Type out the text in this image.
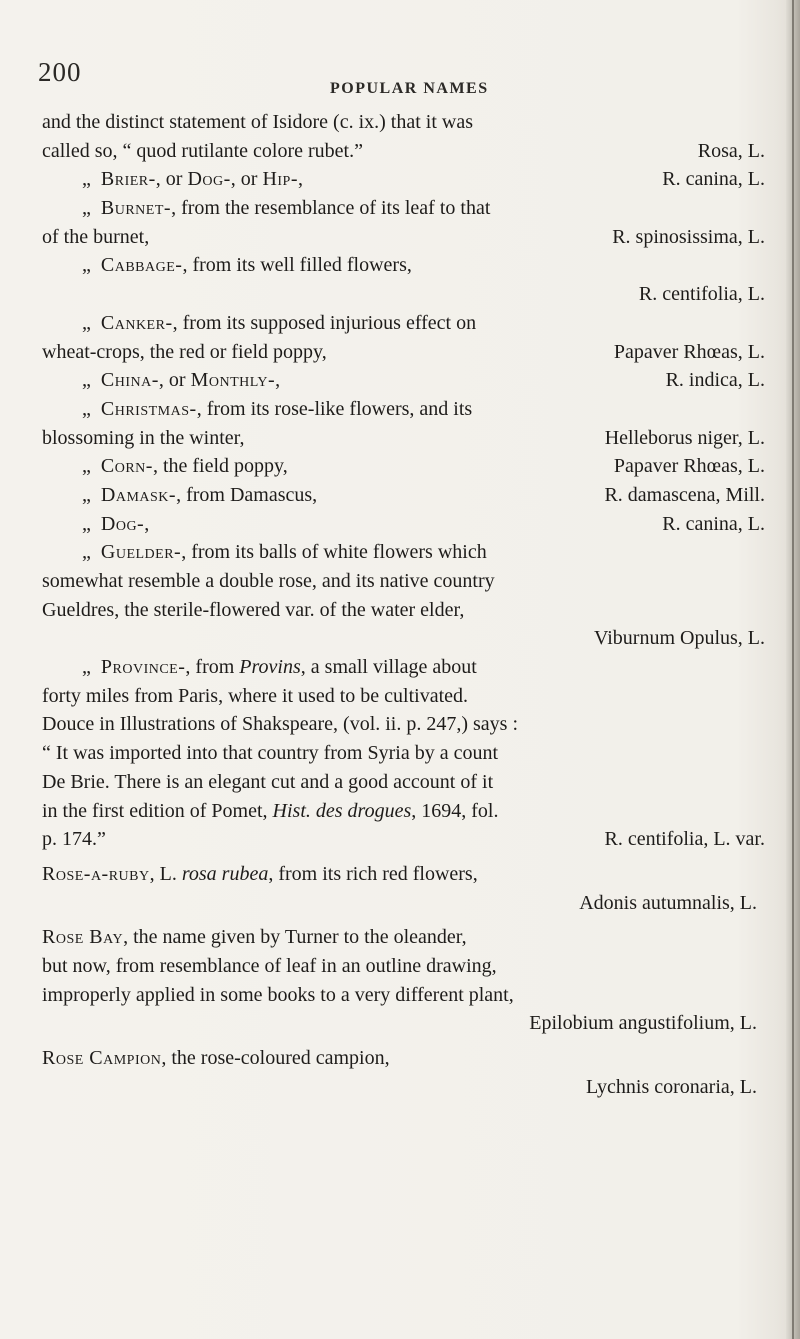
200
POPULAR NAMES
and the distinct statement of Isidore (c. ix.) that it was
called so, “ quod rutilante colore rubet.”	Rosa, L.
„ Brier-, or Dog-, or Hip-,	R. canina, L.
„ Burnet-, from the resemblance of its leaf to that
of the burnet,	R. spinosissima, L.
„ Cabbage-, from its well filled flowers,
R. centifolia, L.
„ Canker-, from its supposed injurious effect on
wheat-crops, the red or field poppy,	Papaver Rhœas, L.
„ China-, or Monthly-,	R. indica, L.
„ Christmas-, from its rose-like flowers, and its
blossoming in the winter,	Helleborus niger, L.
„ Corn-, the field poppy,	Papaver Rhœas, L.
„ Damask-, from Damascus,	R. damascena, Mill.
„ Dog-,	R. canina, L.
„ Guelder-, from its balls of white flowers which
somewhat resemble a double rose, and its native country
Gueldres, the sterile-flowered var. of the water elder,
Viburnum Opulus, L.
„ Province-, from Provins, a small village about
forty miles from Paris, where it used to be cultivated.
Douce in Illustrations of Shakspeare, (vol. ii. p. 247,) says :
“ It was imported into that country from Syria by a count
De Brie. There is an elegant cut and a good account of it
in the first edition of Pomet, Hist. des drogues, 1694, fol.
p. 174.”	R. centifolia, L. var.
Rose-a-ruby, L. rosa rubea, from its rich red flowers,
Adonis autumnalis, L.
Rose Bay, the name given by Turner to the oleander,
but now, from resemblance of leaf in an outline drawing,
improperly applied in some books to a very different plant,
Epilobium angustifolium, L.
Rose Campion, the rose-coloured campion,
Lychnis coronaria, L.
